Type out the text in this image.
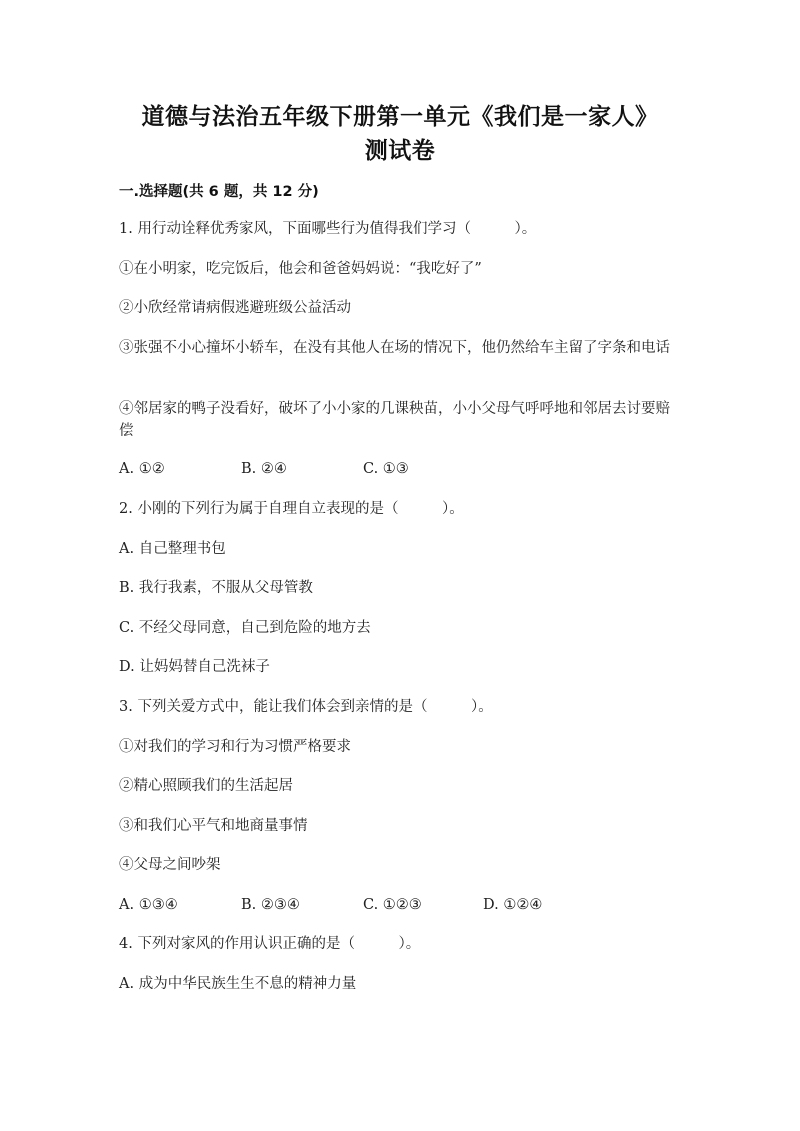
道德与法治五年级下册第一单元《我们是一家人》
测试卷
一.选择题(共 6 题，共 12 分)
1. 用行动诠释优秀家风，下面哪些行为值得我们学习（　　　）。
①在小明家，吃完饭后，他会和爸爸妈妈说：“我吃好了”
②小欣经常请病假逃避班级公益活动
③张强不小心撞坏小轿车，在没有其他人在场的情况下，他仍然给车主留了字条和电话
④邻居家的鸭子没看好，破坏了小小家的几课秧苗，小小父母气呼呼地和邻居去讨要赔偿
A. ①②	B. ②④	C. ①③
2. 小刚的下列行为属于自理自立表现的是（　　　）。
A. 自己整理书包
B. 我行我素，不服从父母管教
C. 不经父母同意，自己到危险的地方去
D. 让妈妈替自己洗袜子
3. 下列关爱方式中，能让我们体会到亲情的是（　　　）。
①对我们的学习和行为习惯严格要求
②精心照顾我们的生活起居
③和我们心平气和地商量事情
④父母之间吵架
A. ①③④	B. ②③④	C. ①②③	D. ①②④
4. 下列对家风的作用认识正确的是（　　　）。
A. 成为中华民族生生不息的精神力量
